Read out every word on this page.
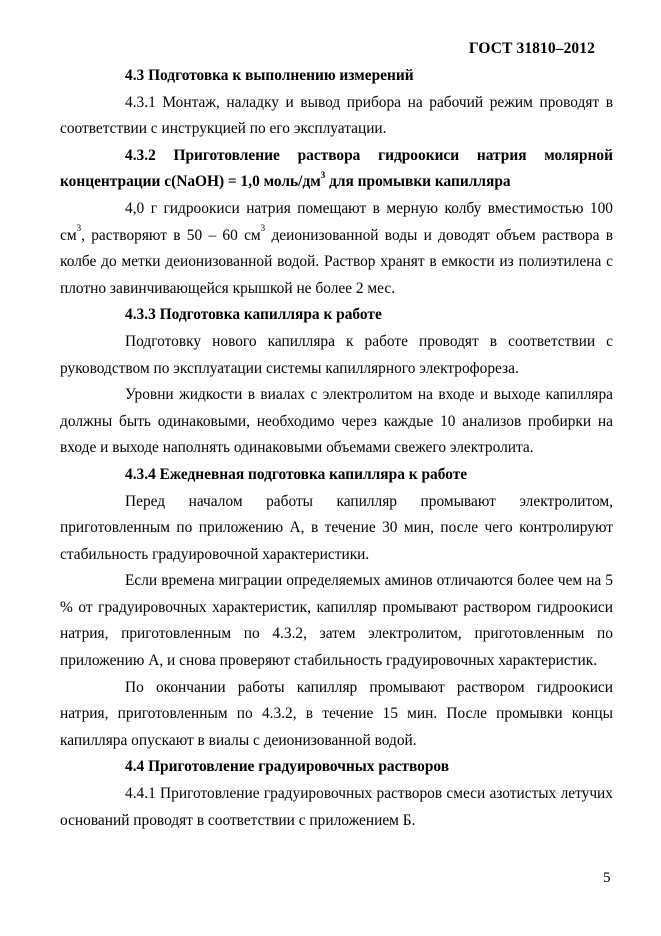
ГОСТ 31810–2012

4.3 Подготовка к выполнению измерений

4.3.1 Монтаж, наладку и вывод прибора на рабочий режим проводят в соответствии с инструкцией по его эксплуатации.

4.3.2 Приготовление раствора гидроокиси натрия молярной концентрации с(NaOH) = 1,0 моль/$дм^3$ для промывки капилляра

4,0 г гидроокиси натрия помещают в мерную колбу вместимостью 100 $см^3$, растворяют в 50 – 60 $см^3$ деионизованной воды и доводят объем раствора в колбе до метки деионизованной водой. Раствор хранят в емкости из полиэтилена с плотно завинчивающейся крышкой не более 2 мес.

4.3.3 Подготовка капилляра к работе

Подготовку нового капилляра к работе проводят в соответствии с руководством по эксплуатации системы капиллярного электрофореза.

Уровни жидкости в виалах с электролитом на входе и выходе капилляра должны быть одинаковыми, необходимо через каждые 10 анализов пробирки на входе и выходе наполнять одинаковыми объемами свежего электролита.

4.3.4 Ежедневная подготовка капилляра к работе

Перед началом работы капилляр промывают электролитом, приготовленным по приложению А, в течение 30 мин, после чего контролируют стабильность градуировочной характеристики.

Если времена миграции определяемых аминов отличаются более чем на 5 % от градуировочных характеристик, капилляр промывают раствором гидроокиси натрия, приготовленным по 4.3.2, затем электролитом, приготовленным по приложению А, и снова проверяют стабильность градуировочных характеристик.

По окончании работы капилляр промывают раствором гидроокиси натрия, приготовленным по 4.3.2, в течение 15 мин. После промывки концы капилляра опускают в виалы с деионизованной водой.

4.4 Приготовление градуировочных растворов

4.4.1 Приготовление градуировочных растворов смеси азотистых летучих оснований проводят в соответствии с приложением Б.

5
